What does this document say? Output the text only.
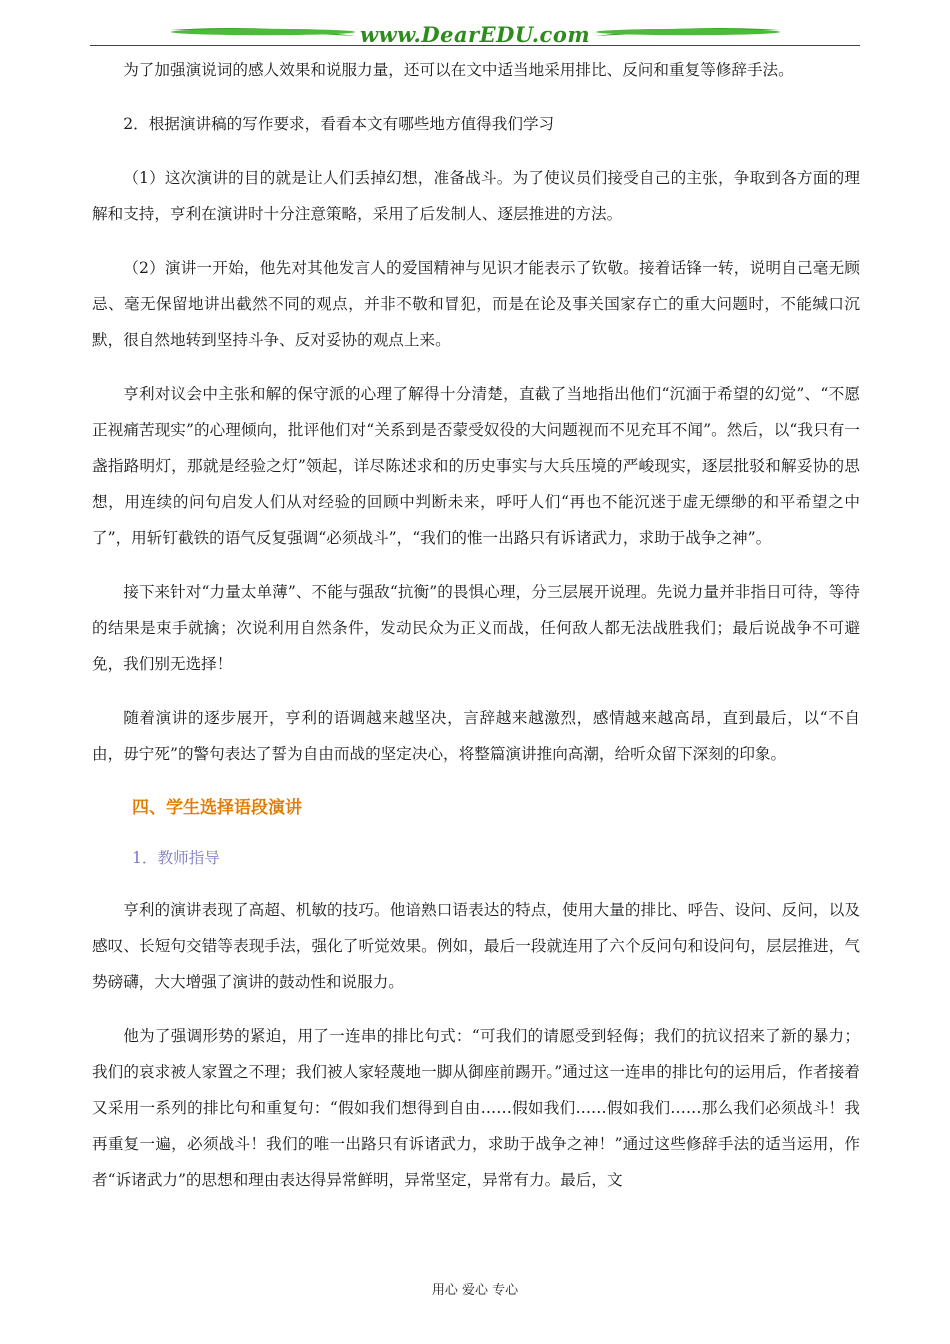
www.DearEDU.com

为了加强演说词的感人效果和说服力量，还可以在文中适当地采用排比、反问和重复等修辞手法。

2．根据演讲稿的写作要求，看看本文有哪些地方值得我们学习

（1）这次演讲的目的就是让人们丢掉幻想，准备战斗。为了使议员们接受自己的主张，争取到各方面的理解和支持，亨利在演讲时十分注意策略，采用了后发制人、逐层推进的方法。

（2）演讲一开始，他先对其他发言人的爱国精神与见识才能表示了钦敬。接着话锋一转，说明自己毫无顾忌、毫无保留地讲出截然不同的观点，并非不敬和冒犯，而是在论及事关国家存亡的重大问题时，不能缄口沉默，很自然地转到坚持斗争、反对妥协的观点上来。

亨利对议会中主张和解的保守派的心理了解得十分清楚，直截了当地指出他们“沉湎于希望的幻觉”、“不愿正视痛苦现实”的心理倾向，批评他们对“关系到是否蒙受奴役的大问题视而不见充耳不闻”。然后，以“我只有一盏指路明灯，那就是经验之灯”领起，详尽陈述求和的历史事实与大兵压境的严峻现实，逐层批驳和解妥协的思想，用连续的问句启发人们从对经验的回顾中判断未来，呼吁人们“再也不能沉迷于虚无缥缈的和平希望之中了”，用斩钉截铁的语气反复强调“必须战斗”，“我们的惟一出路只有诉诸武力，求助于战争之神”。

接下来针对“力量太单薄”、不能与强敌“抗衡”的畏惧心理，分三层展开说理。先说力量并非指日可待，等待的结果是束手就擒；次说利用自然条件，发动民众为正义而战，任何敌人都无法战胜我们；最后说战争不可避免，我们别无选择！

随着演讲的逐步展开，亨利的语调越来越坚决，言辞越来越激烈，感情越来越高昂，直到最后，以“不自由，毋宁死”的警句表达了誓为自由而战的坚定决心，将整篇演讲推向高潮，给听众留下深刻的印象。

四、学生选择语段演讲
1．教师指导

亨利的演讲表现了高超、机敏的技巧。他谙熟口语表达的特点，使用大量的排比、呼告、设问、反问，以及感叹、长短句交错等表现手法，强化了听觉效果。例如，最后一段就连用了六个反问句和设问句，层层推进，气势磅礴，大大增强了演讲的鼓动性和说服力。

他为了强调形势的紧迫，用了一连串的排比句式：“可我们的请愿受到轻侮；我们的抗议招来了新的暴力；我们的哀求被人家置之不理；我们被人家轻蔑地一脚从御座前踢开。”通过这一连串的排比句的运用后，作者接着又采用一系列的排比句和重复句：“假如我们想得到自由……假如我们……假如我们……那么我们必须战斗！我再重复一遍，必须战斗！我们的唯一出路只有诉诸武力，求助于战争之神！”通过这些修辞手法的适当运用，作者“诉诸武力”的思想和理由表达得异常鲜明，异常坚定，异常有力。最后，文

用心 爱心 专心
